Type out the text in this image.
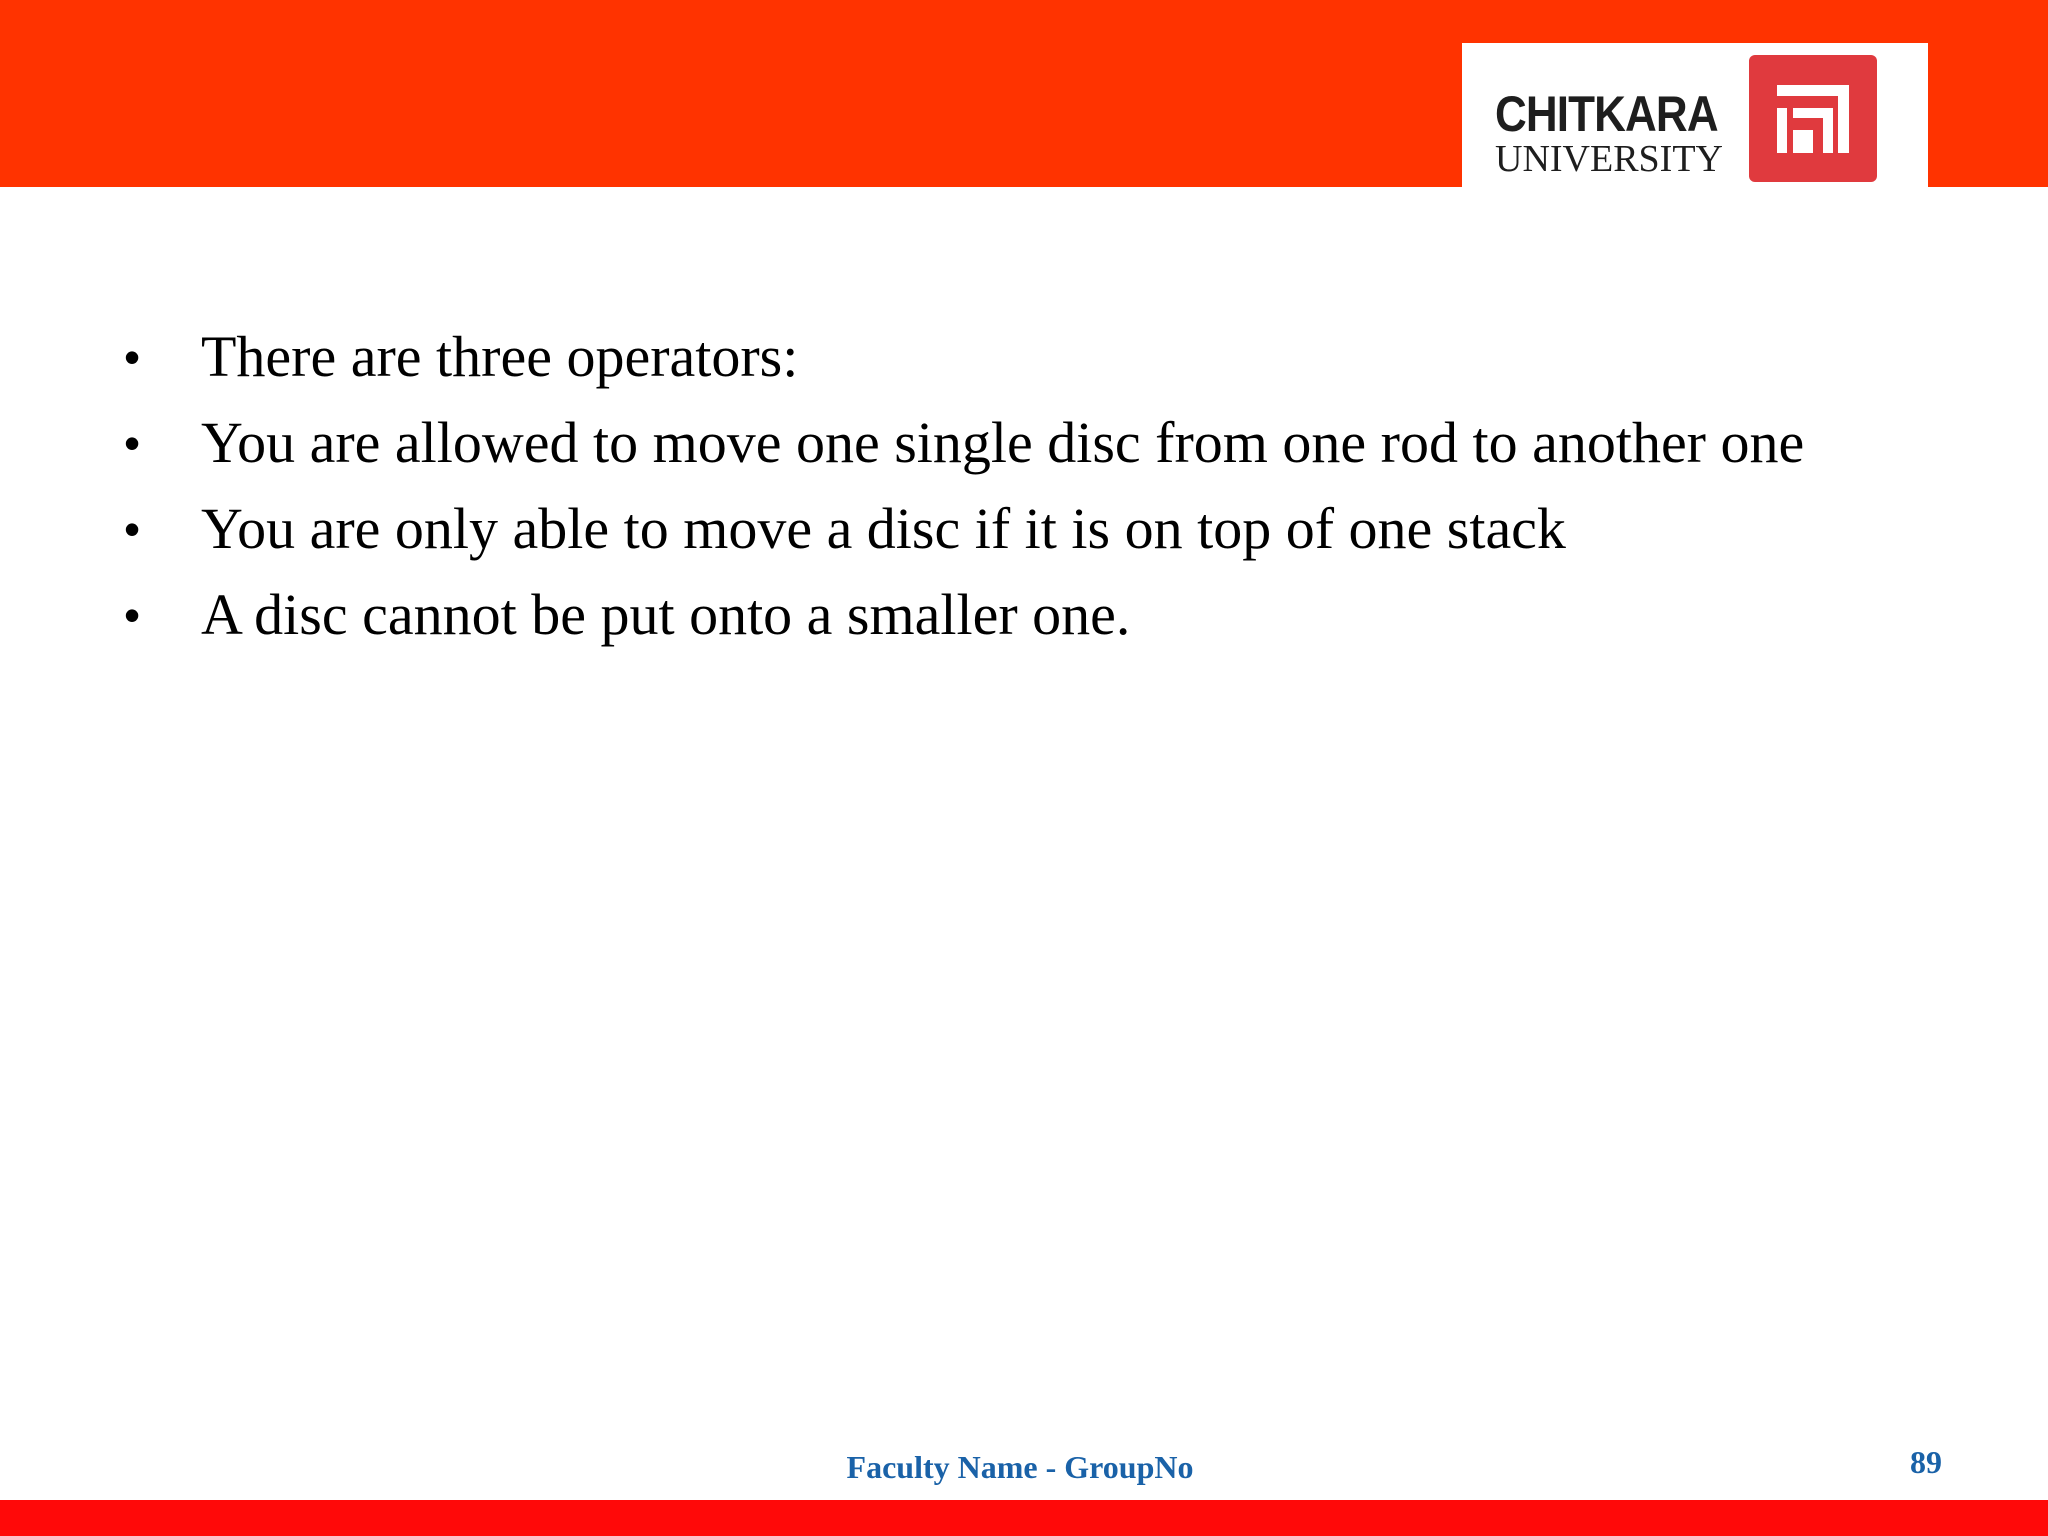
CHITKARA
UNIVERSITY
• There are three operators:
• You are allowed to move one single disc from one rod to another one
• You are only able to move a disc if it is on top of one stack
• A disc cannot be put onto a smaller one.
Faculty Name - GroupNo	89
